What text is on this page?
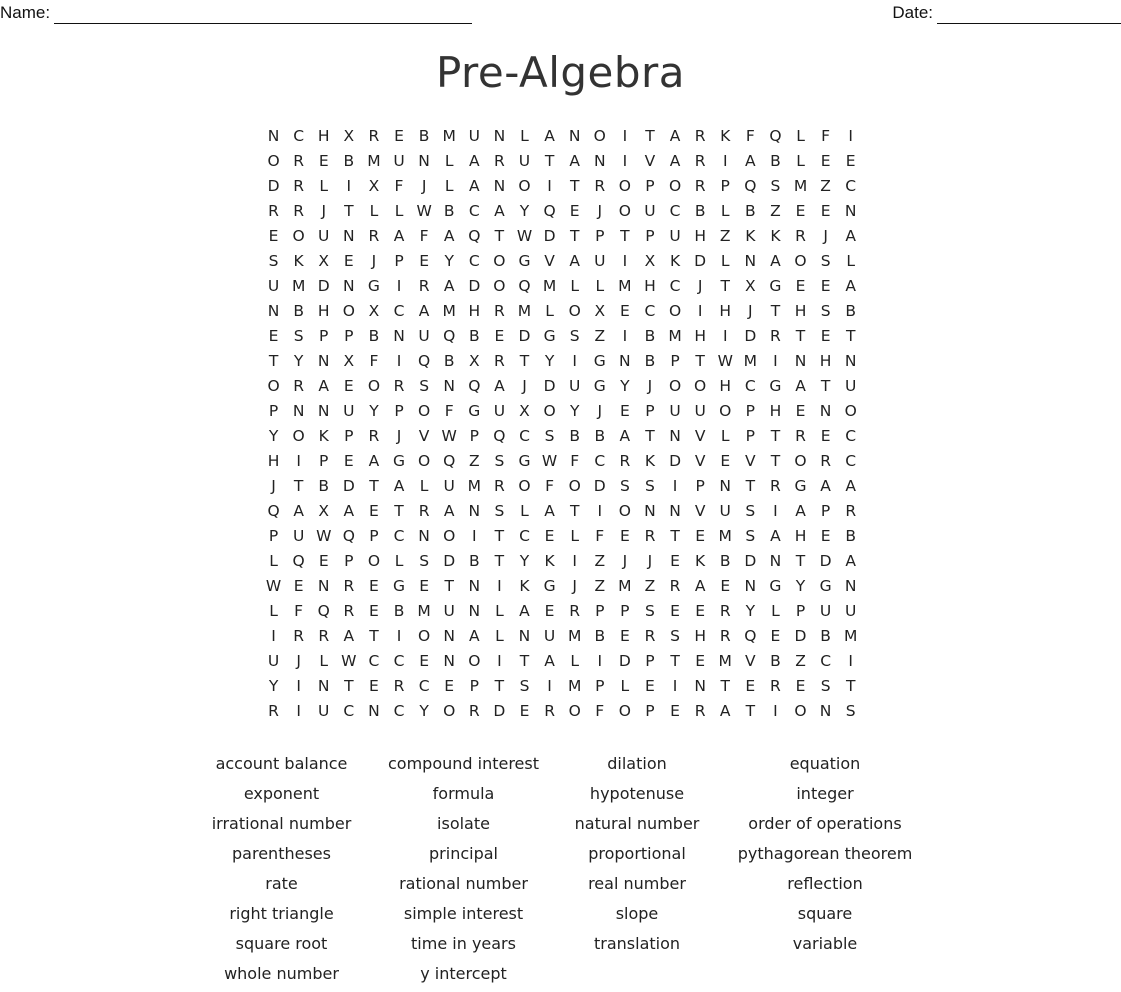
Name:	Date:
Pre-Algebra
N C H X R E B M U N L A N O	I	T A R K	F Q L	F	I
O R E B M U N L A R U T A N	I	V A R	I	A B L	E E
D R L	I	X F	J	L A N O	I	T R O P O R P Q S M Z C
R R	J	T	L	L W B C A Y Q E	J	O U C B L B Z E E N
E O U N R A F A Q T W D T	P	T	P U H Z K K R	J	A
S K X E	J	P	E Y C O G V A U	I	X K D L N A O S	L
U M D N G	I	R A D O Q M L	L M H C	J	T X G E E A
N B H O X C A M H R M L O X E C O	I	H	J	T H S B
E S P	P B N U Q B E D G S Z	I	B M H	I	D R T E T
T	Y N X F	I	Q B X R T	Y	I	G N B P	T W M	I	N H N
O R A E O R S N Q A	J	D U G Y	J	O O H C G A T U
P N N U Y	P O F G U X O Y	J	E	P U U O P H E N O
Y O K P R	J	V W P Q C S B B A T N V L	P	T R E C
H	I	P	E A G O Q Z S G W F C R K D V E V T O R C
J	T B D T A L U M R O F O D S S	I	P N T R G A A
Q A X A E T R A N S	L A T	I	O N N V U S	I	A P R
P U W Q P C N O	I	T C E	L	F	E R T E M S A H E B
L Q E	P O L	S D B T	Y K	I	Z	J	J	E K B D N T D A
W E N R E G E T N	I	K G	J	Z M Z R A E N G Y G N
L	F Q R E B M U N L A E R P	P	S E E R Y	L	P U U
I	R R A T	I	O N A L N U M B E R S H R Q E D B M
U	J	L W C C E N O	I	T A L	I	D P	T E M V B Z C	I
Y	I	N T E R C E	P	T S	I	M P	L	E	I	N T E R E S T
R	I	U C N C Y O R D E R O F O P	E R A T	I	O N S
account balance	compound interest	dilation	equation
exponent	formula	hypotenuse	integer
irrational number	isolate	natural number	order of operations
parentheses	principal	proportional	pythagorean theorem
rate	rational number	real number	reflection
right triangle	simple interest	slope	square
square root	time in years	translation	variable
whole number	y intercept
